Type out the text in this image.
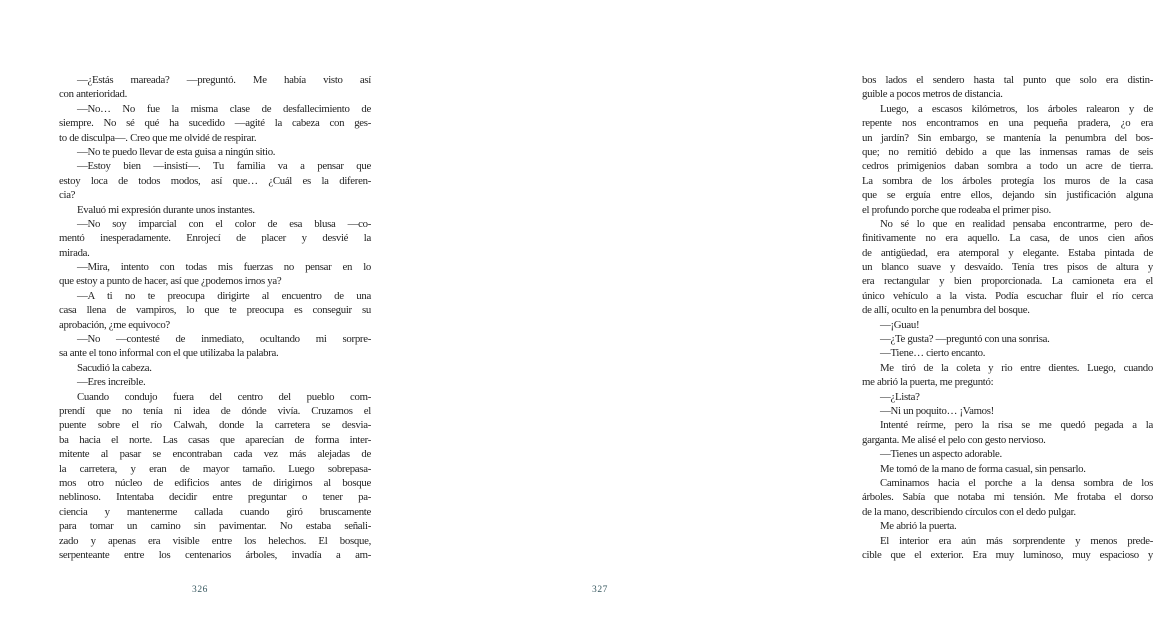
—¿Estás mareada? —preguntó. Me había visto así
con anterioridad.
—No… No fue la misma clase de desfallecimiento de
siempre. No sé qué ha sucedido —agité la cabeza con ges-
to de disculpa—. Creo que me olvidé de respirar.
—No te puedo llevar de esta guisa a ningún sitio.
—Estoy bien —insistí—. Tu familia va a pensar que
estoy loca de todos modos, así que… ¿Cuál es la diferen-
cia?
Evaluó mi expresión durante unos instantes.
—No soy imparcial con el color de esa blusa —co-
mentó inesperadamente. Enrojecí de placer y desvié la
mirada.
—Mira, intento con todas mis fuerzas no pensar en lo
que estoy a punto de hacer, así que ¿podemos irnos ya?
—A ti no te preocupa dirigirte al encuentro de una
casa llena de vampiros, lo que te preocupa es conseguir su
aprobación, ¿me equivoco?
—No —contesté de inmediato, ocultando mi sorpre-
sa ante el tono informal con el que utilizaba la palabra.
Sacudió la cabeza.
—Eres increíble.
Cuando condujo fuera del centro del pueblo com-
prendí que no tenía ni idea de dónde vivía. Cruzamos el
puente sobre el río Calwah, donde la carretera se desvia-
ba hacia el norte. Las casas que aparecían de forma inter-
mitente al pasar se encontraban cada vez más alejadas de
la carretera, y eran de mayor tamaño. Luego sobrepasa-
mos otro núcleo de edificios antes de dirigirnos al bosque
neblinoso. Intentaba decidir entre preguntar o tener pa-
ciencia y mantenerme callada cuando giró bruscamente
para tomar un camino sin pavimentar. No estaba señali-
zado y apenas era visible entre los helechos. El bosque,
serpenteante entre los centenarios árboles, invadía a am-
bos lados el sendero hasta tal punto que solo era distin-
guible a pocos metros de distancia.
Luego, a escasos kilómetros, los árboles ralearon y de
repente nos encontramos en una pequeña pradera, ¿o era
un jardín? Sin embargo, se mantenía la penumbra del bos-
que; no remitió debido a que las inmensas ramas de seis
cedros primigenios daban sombra a todo un acre de tierra.
La sombra de los árboles protegía los muros de la casa
que se erguía entre ellos, dejando sin justificación alguna
el profundo porche que rodeaba el primer piso.
No sé lo que en realidad pensaba encontrarme, pero de-
finitivamente no era aquello. La casa, de unos cien años
de antigüedad, era atemporal y elegante. Estaba pintada de
un blanco suave y desvaído. Tenía tres pisos de altura y
era rectangular y bien proporcionada. La camioneta era el
único vehículo a la vista. Podía escuchar fluir el río cerca
de allí, oculto en la penumbra del bosque.
—¡Guau!
—¿Te gusta? —preguntó con una sonrisa.
—Tiene… cierto encanto.
Me tiró de la coleta y rio entre dientes. Luego, cuando
me abrió la puerta, me preguntó:
—¿Lista?
—Ni un poquito… ¡Vamos!
Intenté reírme, pero la risa se me quedó pegada a la
garganta. Me alisé el pelo con gesto nervioso.
—Tienes un aspecto adorable.
Me tomó de la mano de forma casual, sin pensarlo.
Caminamos hacia el porche a la densa sombra de los
árboles. Sabía que notaba mi tensión. Me frotaba el dorso
de la mano, describiendo círculos con el dedo pulgar.
Me abrió la puerta.
El interior era aún más sorprendente y menos prede-
cible que el exterior. Era muy luminoso, muy espacioso y
326	327
